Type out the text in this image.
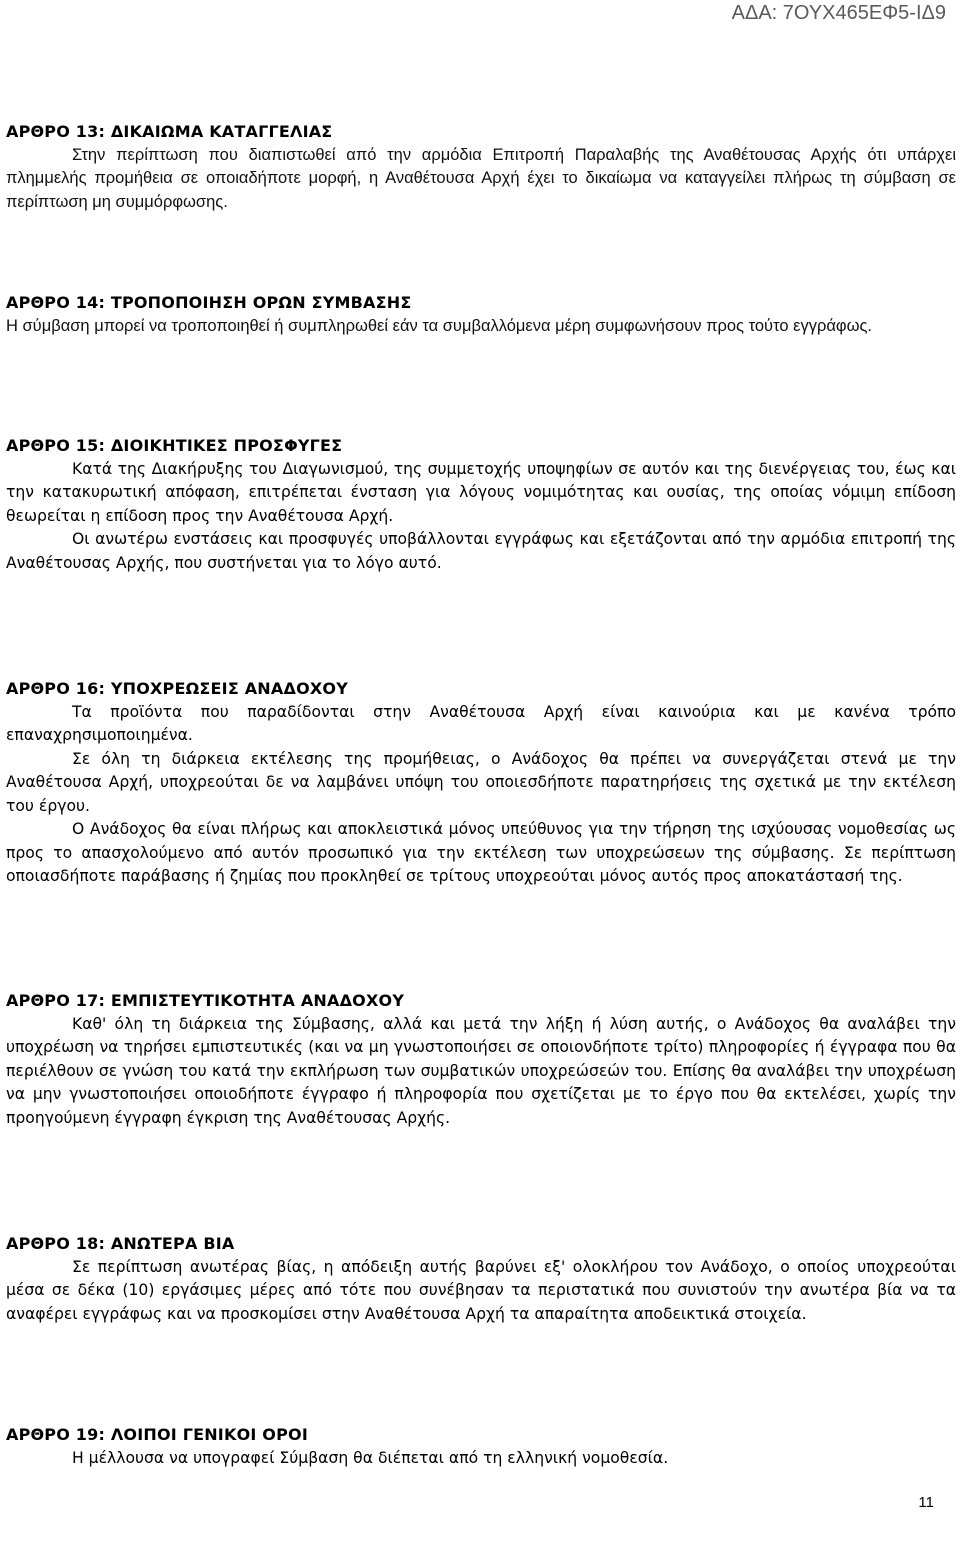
ΑΔΑ: 7ΟΥΧ465ΕΦ5-ΙΔ9
ΑΡΘΡΟ 13: ΔΙΚΑΙΩΜΑ ΚΑΤΑΓΓΕΛΙΑΣ

Στην περίπτωση που διαπιστωθεί από την αρμόδια Επιτροπή Παραλαβής της Αναθέτουσας Αρχής ότι υπάρχει πλημμελής προμήθεια σε οποιαδήποτε μορφή, η Αναθέτουσα Αρχή έχει το δικαίωμα να καταγγείλει πλήρως τη σύμβαση σε περίπτωση μη συμμόρφωσης.

ΑΡΘΡΟ 14: ΤΡΟΠΟΠΟΙΗΣΗ ΟΡΩΝ ΣΥΜΒΑΣΗΣ

Η σύμβαση μπορεί να τροποποιηθεί ή συμπληρωθεί εάν τα συμβαλλόμενα μέρη συμφωνήσουν προς τούτο εγγράφως.

ΑΡΘΡΟ 15: ΔΙΟΙΚΗΤΙΚΕΣ ΠΡΟΣΦΥΓΕΣ

Κατά της Διακήρυξης του Διαγωνισμού, της συμμετοχής υποψηφίων σε αυτόν και της διενέργειας του, έως και την κατακυρωτική απόφαση, επιτρέπεται ένσταση για λόγους νομιμότητας και ουσίας, της οποίας νόμιμη επίδοση θεωρείται η επίδοση προς την Αναθέτουσα Αρχή.

Οι ανωτέρω ενστάσεις και προσφυγές υποβάλλονται εγγράφως και εξετάζονται από την αρμόδια επιτροπή της Αναθέτουσας Αρχής, που συστήνεται για το λόγο αυτό.

ΑΡΘΡΟ 16: ΥΠΟΧΡΕΩΣΕΙΣ ΑΝΑΔΟΧΟΥ

Τα προϊόντα που παραδίδονται στην Αναθέτουσα Αρχή είναι καινούρια και με κανένα τρόπο επαναχρησιμοποιημένα.

Σε όλη τη διάρκεια εκτέλεσης της προμήθειας, ο Ανάδοχος θα πρέπει να συνεργάζεται στενά με την Αναθέτουσα Αρχή, υποχρεούται δε να λαμβάνει υπόψη του οποιεσδήποτε παρατηρήσεις της σχετικά με την εκτέλεση του έργου.

Ο Ανάδοχος θα είναι πλήρως και αποκλειστικά μόνος υπεύθυνος για την τήρηση της ισχύουσας νομοθεσίας ως προς το απασχολούμενο από αυτόν προσωπικό για την εκτέλεση των υποχρεώσεων της σύμβασης. Σε περίπτωση οποιασδήποτε παράβασης ή ζημίας που προκληθεί σε τρίτους υποχρεούται μόνος αυτός προς αποκατάστασή της.

ΑΡΘΡΟ 17: ΕΜΠΙΣΤΕΥΤΙΚΟΤΗΤΑ ΑΝΑΔΟΧΟΥ

Καθ' όλη τη διάρκεια της Σύμβασης, αλλά και μετά την λήξη ή λύση αυτής, ο Ανάδοχος θα αναλάβει την υποχρέωση να τηρήσει εμπιστευτικές (και να μη γνωστοποιήσει σε οποιονδήποτε τρίτο) πληροφορίες ή έγγραφα που θα περιέλθουν σε γνώση του κατά την εκπλήρωση των συμβατικών υποχρεώσεών του. Επίσης θα αναλάβει την υποχρέωση να μην γνωστοποιήσει οποιοδήποτε έγγραφο ή πληροφορία που σχετίζεται με το έργο που θα εκτελέσει, χωρίς την προηγούμενη έγγραφη έγκριση της Αναθέτουσας Αρχής.

ΑΡΘΡΟ 18: ΑΝΩΤΕΡΑ ΒΙΑ

Σε περίπτωση ανωτέρας βίας, η απόδειξη αυτής βαρύνει εξ' ολοκλήρου τον Ανάδοχο, ο οποίος υποχρεούται μέσα σε δέκα (10) εργάσιμες μέρες από τότε που συνέβησαν τα περιστατικά που συνιστούν την ανωτέρα βία να τα αναφέρει εγγράφως και να προσκομίσει στην Αναθέτουσα Αρχή τα απαραίτητα αποδεικτικά στοιχεία.

ΑΡΘΡΟ 19: ΛΟΙΠΟΙ ΓΕΝΙΚΟΙ ΟΡΟΙ

Η μέλλουσα να υπογραφεί Σύμβαση θα διέπεται από τη ελληνική νομοθεσία.

11
